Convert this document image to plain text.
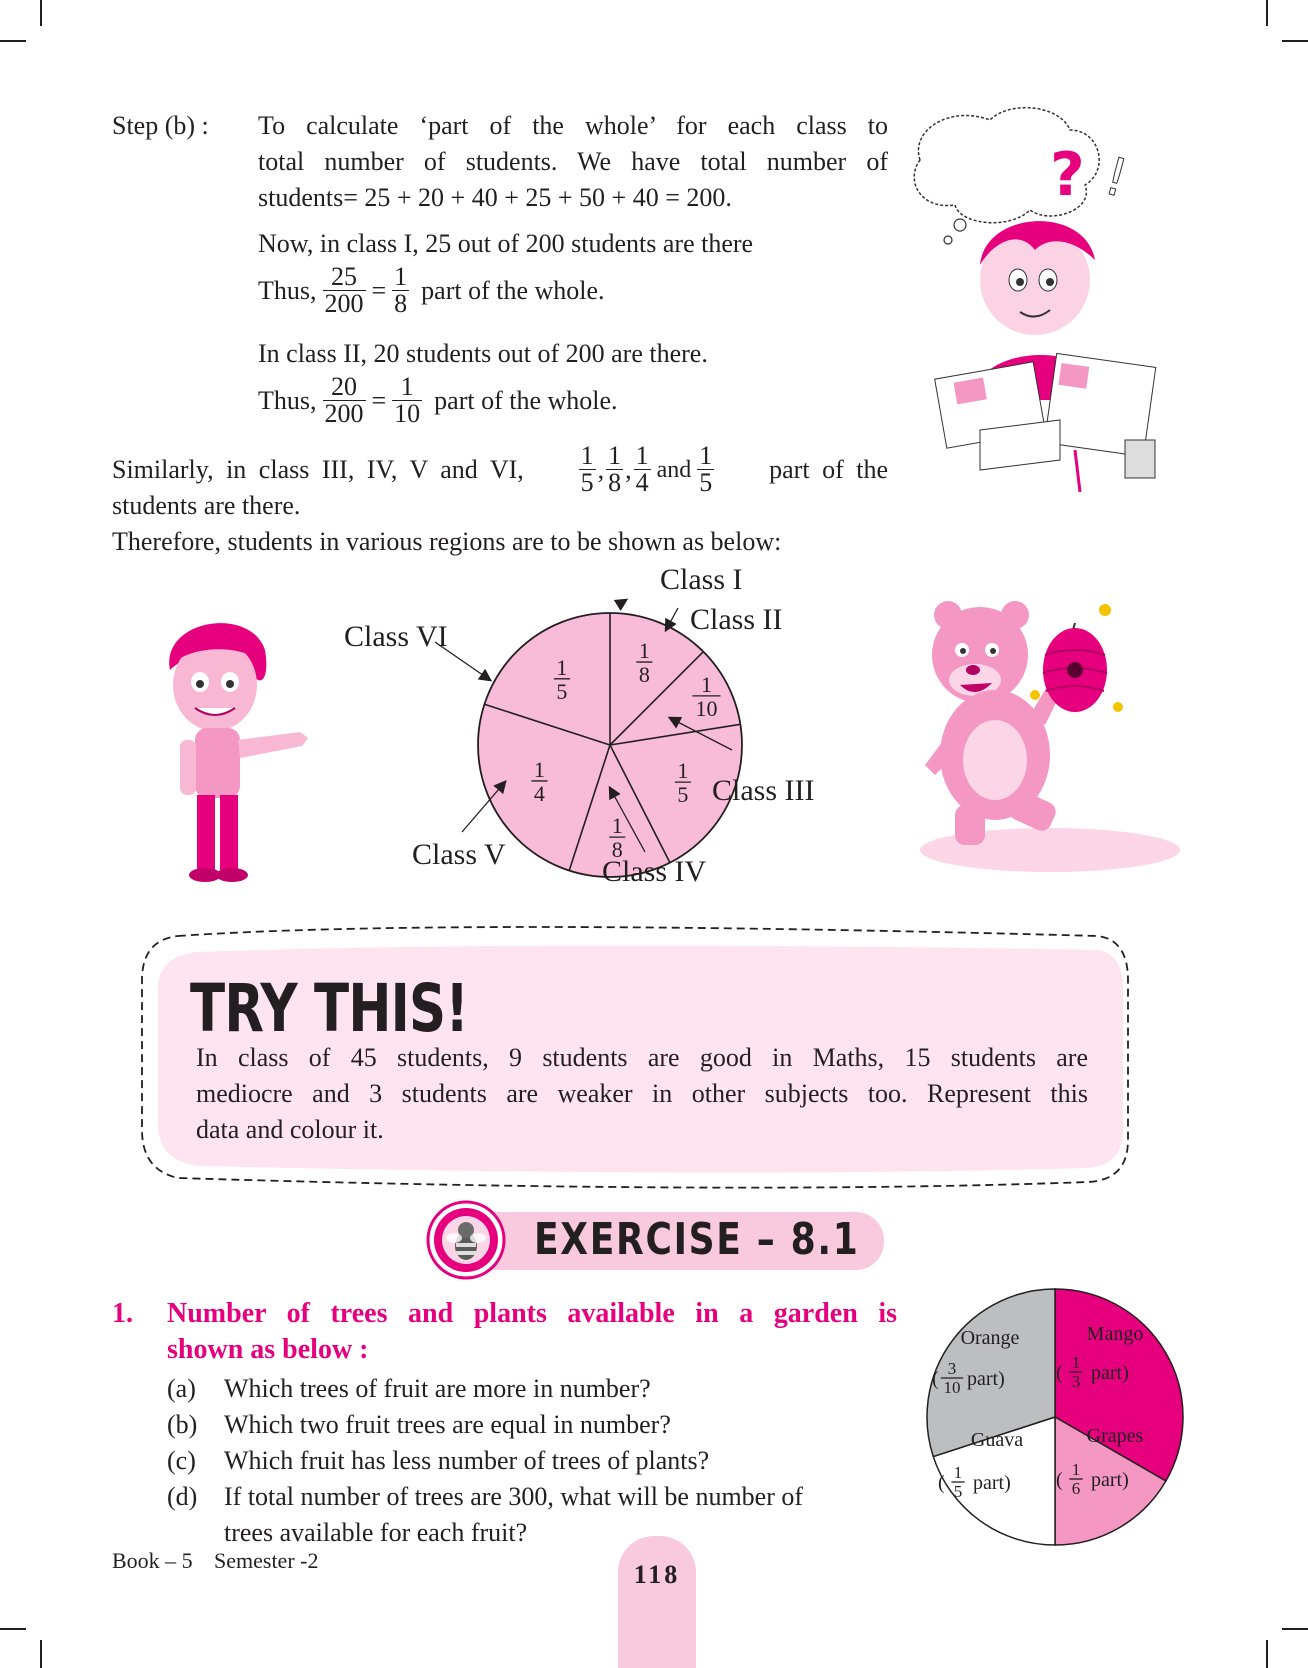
Step (b) : To calculate ‘part of the whole’ for each class to
total number of students. We have total number of
students= 25 + 20 + 40 + 25 + 50 + 40 = 200.
Now, in class I, 25 out of 200 students are there
Thus, $\frac{25}{200} = \frac{1}{8}$ part of the whole.
In class II, 20 students out of 200 are there.
Thus, $\frac{20}{200} = \frac{1}{10}$ part of the whole.
Similarly, in class III, IV, V and VI, $\frac{1}{5}$ , $\frac{1}{8}$ , $\frac{1}{4}$ and $\frac{1}{5}$ part of the
students are there.
Therefore, students in various regions are to be shown as below:
? !
1
8 1
10
1
5
1
8
1
4
1
5
Class I
Class II
Class III
Class IV
Class V
Class VI
TRY THIS!
In class of 45 students, 9 students are good in Maths, 15 students are
mediocre and 3 students are weaker in other subjects too. Represent this
data and colour it.
EXERCISE – 8.1
1. Number of trees and plants available in a garden is
shown as below :
(a)	Which trees of fruit are more in number?
(b)	Which two fruit trees are equal in number?
(c)	Which fruit has less number of trees of plants?
(d)	If total number of trees are 300, what will be number of
trees available for each fruit?
Mango
( 1
3 part)
Grapes
( 1
6 part)
Guava
( 1
5 part)
Orange
( 3
10 part)
118
Book – 5 Semester -2
